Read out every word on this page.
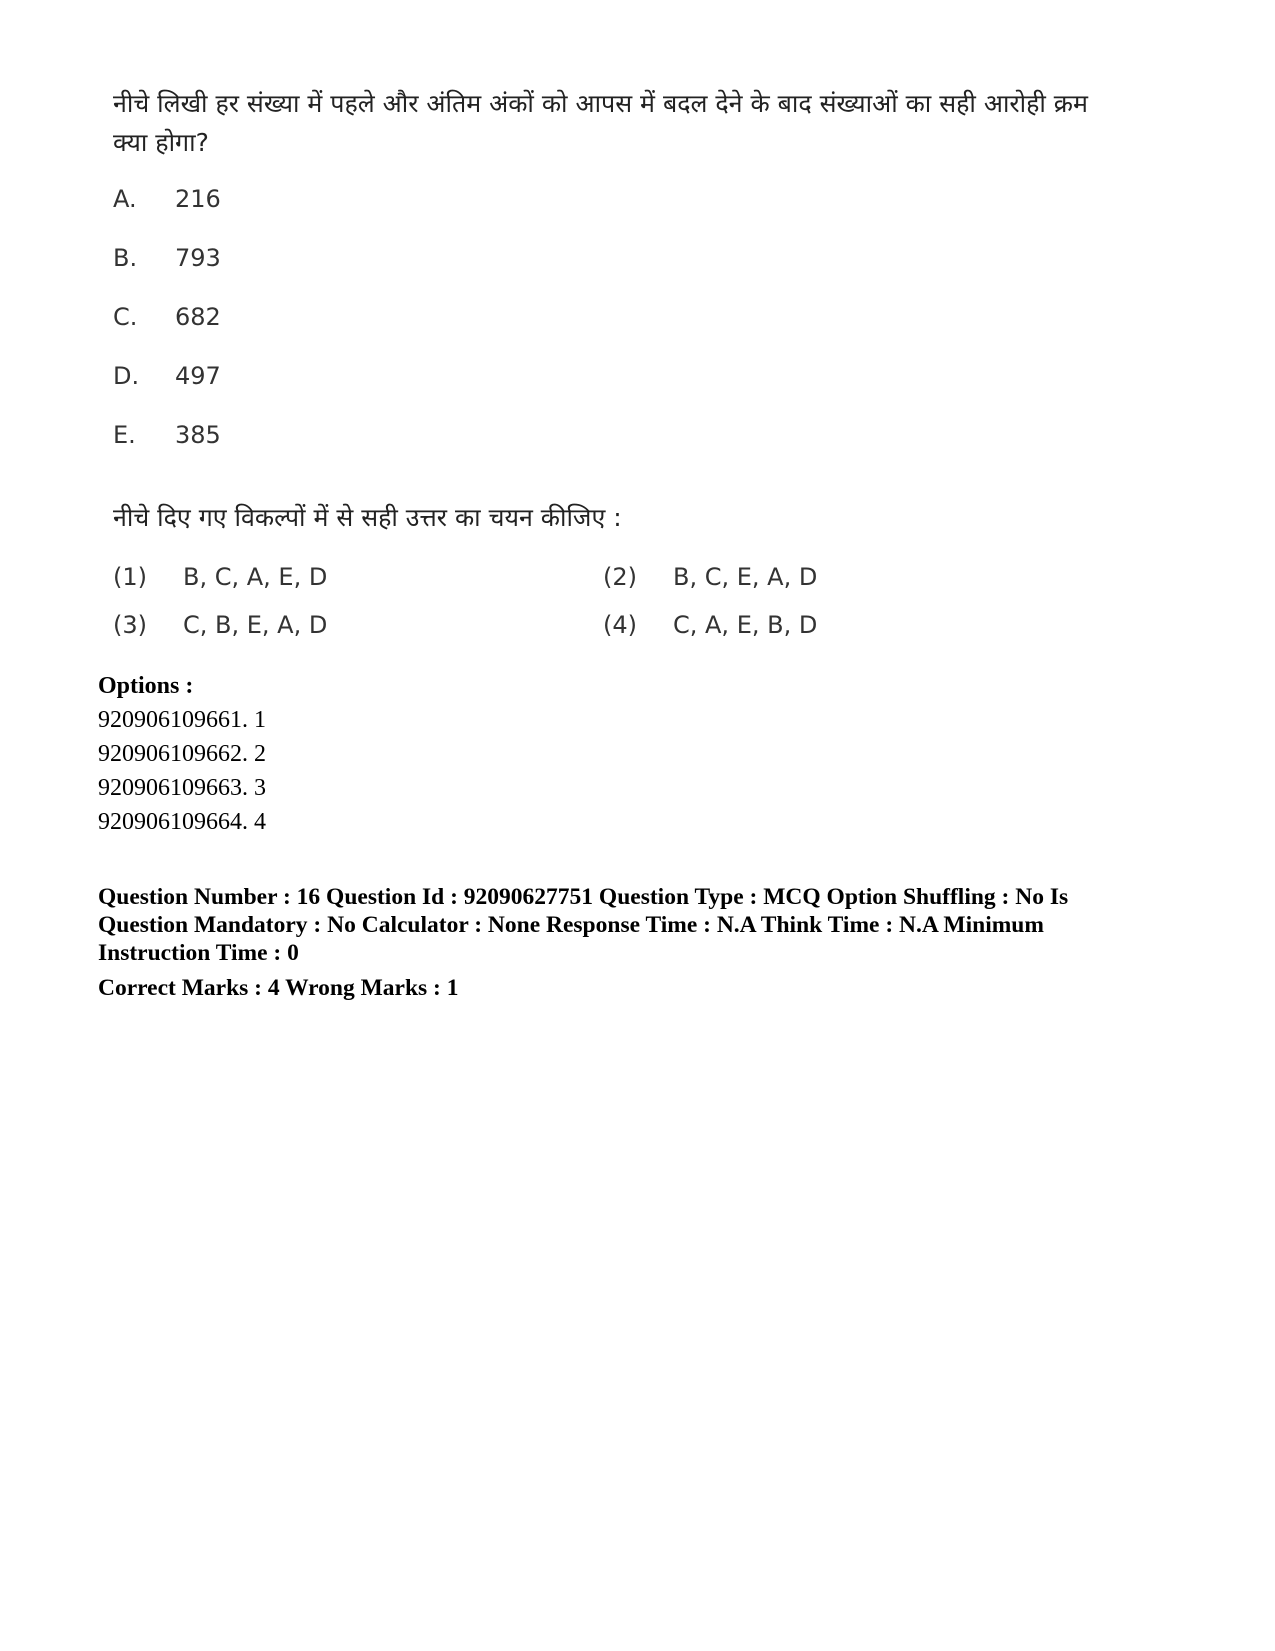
नीचे लिखी हर संख्या में पहले और अंतिम अंकों को आपस में बदल देने के बाद संख्याओं का सही आरोही क्रम क्या होगा?
A.	216
B.	793
C.	682
D.	497
E.	385
नीचे दिए गए विकल्पों में से सही उत्तर का चयन कीजिए :
(1)	B, C, A, E, D	(2)	B, C, E, A, D
(3)	C, B, E, A, D	(4)	C, A, E, B, D
Options :
920906109661. 1
920906109662. 2
920906109663. 3
920906109664. 4
Question Number : 16 Question Id : 92090627751 Question Type : MCQ Option Shuffling : No Is Question Mandatory : No Calculator : None Response Time : N.A Think Time : N.A Minimum Instruction Time : 0
Correct Marks : 4 Wrong Marks : 1
